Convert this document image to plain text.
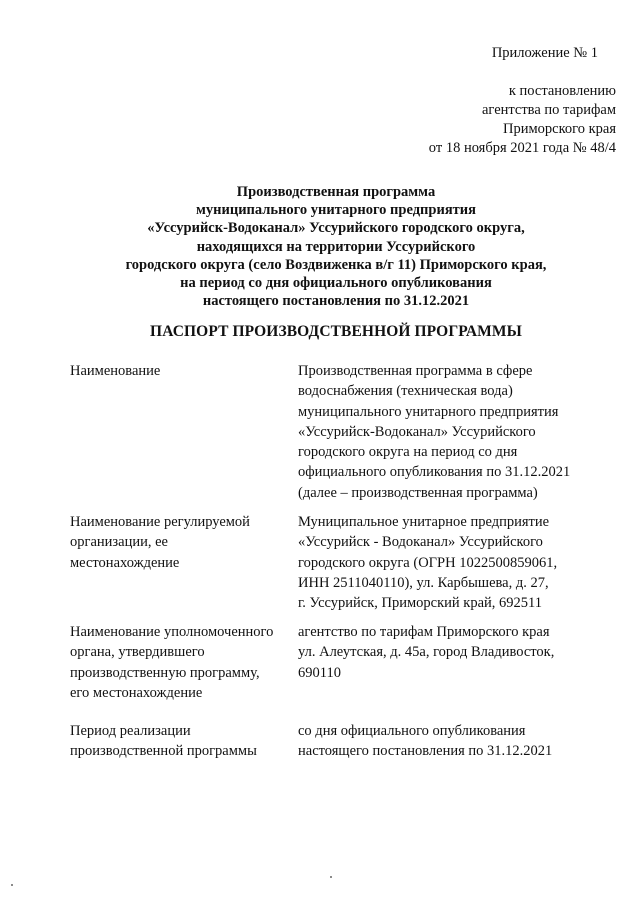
Приложение № 1
к постановлению
агентства по тарифам
Приморского края
от 18 ноября 2021 года № 48/4
Производственная программа
муниципального унитарного предприятия
«Уссурийск-Водоканал» Уссурийского городского округа,
находящихся на территории Уссурийского
городского округа (село Воздвиженка в/г 11) Приморского края,
на период со дня официального опубликования
настоящего постановления по 31.12.2021
ПАСПОРТ ПРОИЗВОДСТВЕННОЙ ПРОГРАММЫ
Наименование	Производственная программа в сфере
водоснабжения (техническая вода)
муниципального унитарного предприятия
«Уссурийск-Водоканал» Уссурийского
городского округа на период со дня
официального опубликования по 31.12.2021
(далее – производственная программа)
Наименование регулируемой
организации, ее
местонахождение
Муниципальное унитарное предприятие
«Уссурийск - Водоканал» Уссурийского
городского округа (ОГРН 1022500859061,
ИНН 2511040110), ул. Карбышева, д. 27,
г. Уссурийск, Приморский край, 692511
Наименование уполномоченного
органа, утвердившего
производственную программу,
его местонахождение
агентство по тарифам Приморского края
ул. Алеутская, д. 45а, город Владивосток,
690110
Период реализации
производственной программы
со дня официального опубликования
настоящего постановления по 31.12.2021
